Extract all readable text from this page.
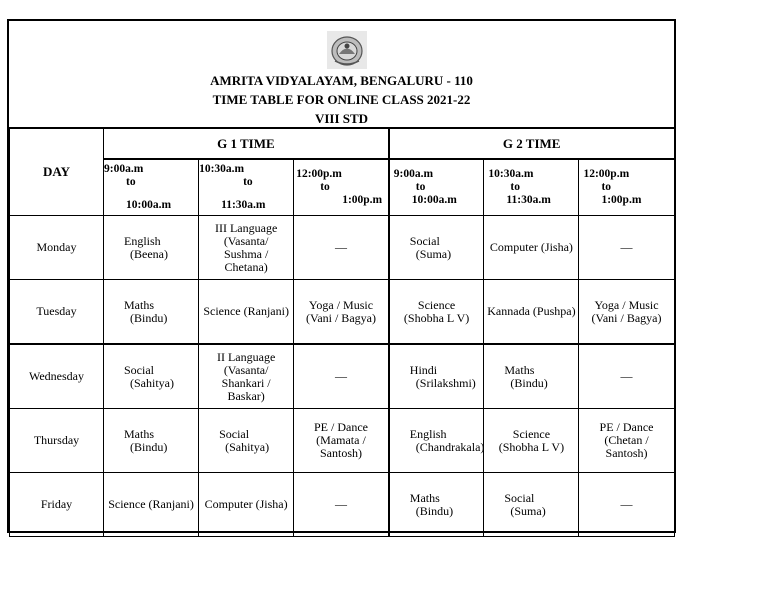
AMRITA VIDYALAYAM, BENGALURU - 110
TIME TABLE FOR ONLINE CLASS 2021-22
VIII STD
DAY	G 1 TIME			G 2 TIME		

	9:00a.m
to
10:00a.m	10:30a.m
to
11:30a.m	12:00p.m
to
1:00p.m	9:00a.m
to
10:00a.m	10:30a.m
to
11:30a.m	12:00p.m
to
1:00p.m

Monday	English
(Beena)	III Language
(Vasanta/
Sushma /
Chetana)	—	Social
(Suma)	Computer (Jisha)	—

Tuesday	Maths
(Bindu)	Science (Ranjani)	Yoga / Music
(Vani / Bagya)	Science
(Shobha L V)	Kannada (Pushpa)	Yoga / Music
(Vani / Bagya)

Wednesday	Social
(Sahitya)	II Language
(Vasanta/
Shankari /
Baskar)	—	Hindi
(Srilakshmi)	Maths
(Bindu)	—

Thursday	Maths
(Bindu)	Social
(Sahitya)	PE / Dance
(Mamata /
Santosh)	English
(Chandrakala)	Science
(Shobha L V)	PE / Dance
(Chetan /
Santosh)

Friday	Science (Ranjani)	Computer (Jisha)	—	Maths
(Bindu)	Social
(Suma)	—
